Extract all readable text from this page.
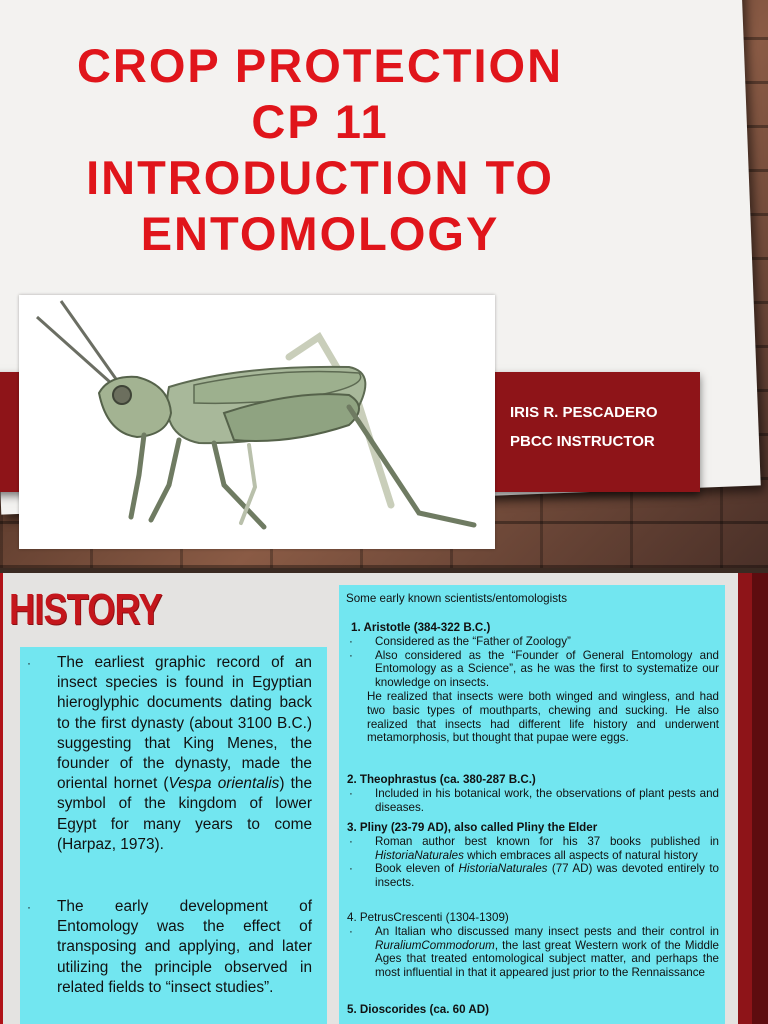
CROP PROTECTION
CP 11
INTRODUCTION TO
ENTOMOLOGY
IRIS R. PESCADERO
PBCC INSTRUCTOR
HISTORY
· The earliest graphic record of an insect species is found in Egyptian hieroglyphic documents dating back to the first dynasty (about 3100 B.C.) suggesting that King Menes, the founder of the dynasty, made the oriental hornet (Vespa orientalis) the symbol of the kingdom of lower Egypt for many years to come (Harpaz, 1973).

· The early development of Entomology was the effect of transposing and applying, and later utilizing the principle observed in related fields to “insect studies”.

Some early known scientists/entomologists

1. Aristotle (384-322 B.C.)
· Considered as the “Father of Zoology”
· Also considered as the “Founder of General Entomology and Entomology as a Science”, as he was the first to systematize our knowledge on insects.
He realized that insects were both winged and wingless, and had two basic types of mouthparts, chewing and sucking. He also realized that insects had different life history and underwent metamorphosis, but thought that pupae were eggs.
2. Theophrastus (ca. 380-287 B.C.)
· Included in his botanical work, the observations of plant pests and diseases.
3. Pliny (23-79 AD), also called Pliny the Elder
· Roman author best known for his 37 books published in HistoriaNaturales which embraces all aspects of natural history
· Book eleven of HistoriaNaturales (77 AD) was devoted entirely to insects.
4. PetrusCrescenti (1304-1309)
· An Italian who discussed many insect pests and their control in RuraliumCommodorum, the last great Western work of the Middle Ages that treated entomological subject matter, and perhaps the most influential in that it appeared just prior to the Rennaissance
5. Dioscorides (ca. 60 AD)
